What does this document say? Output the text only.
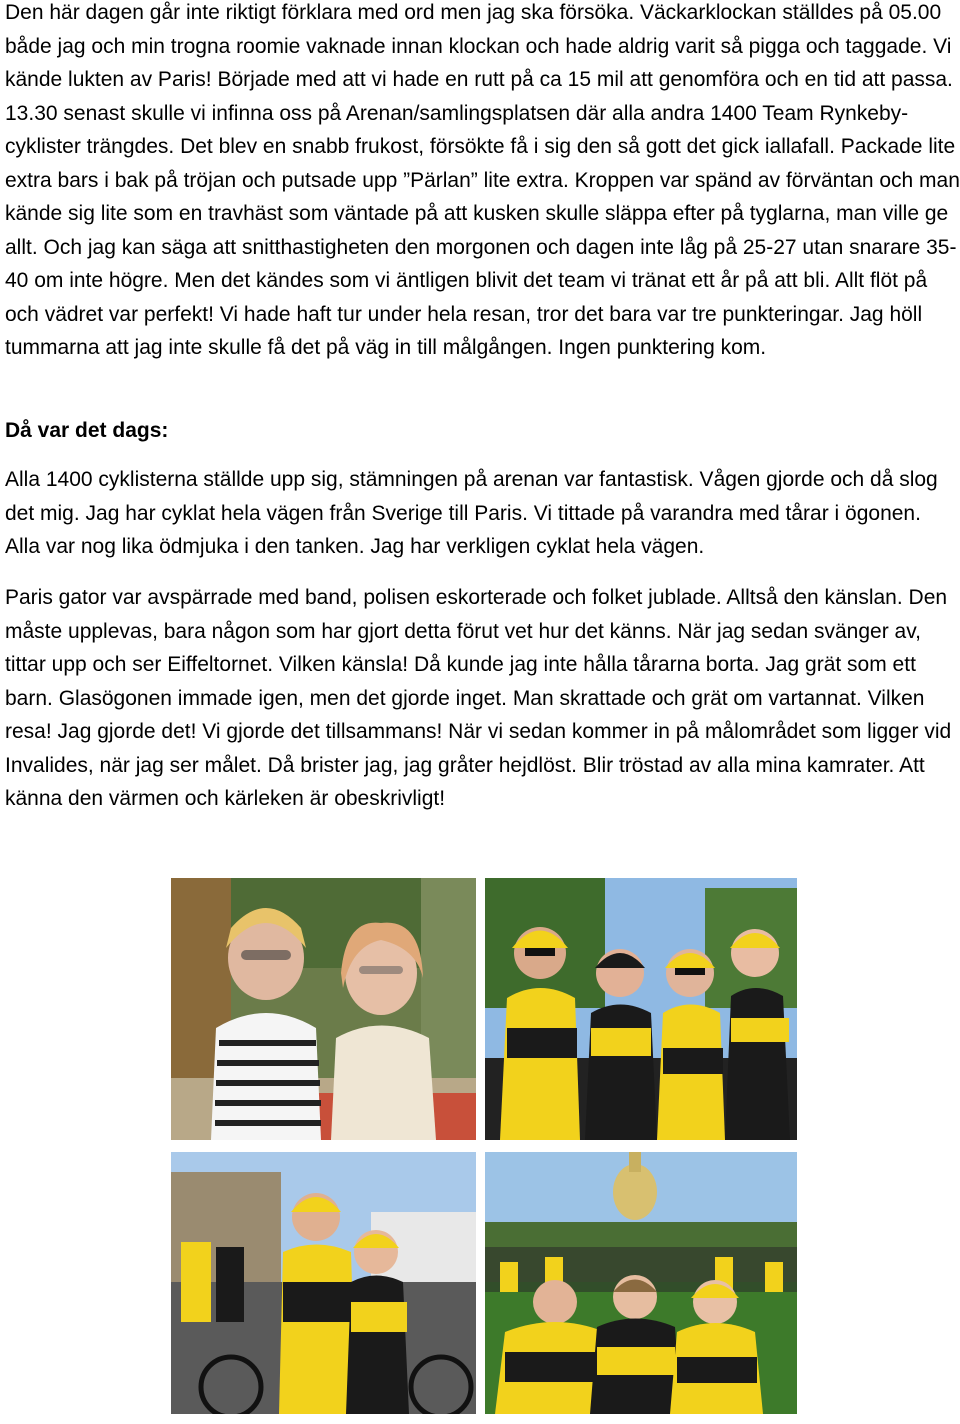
Den här dagen går inte riktigt förklara med ord men jag ska försöka. Väckarklockan ställdes på 05.00 både jag och min trogna roomie vaknade innan klockan och hade aldrig varit så pigga och taggade. Vi kände lukten av Paris! Började med att vi hade en rutt på ca 15 mil att genomföra och en tid att passa. 13.30 senast skulle vi infinna oss på Arenan/samlingsplatsen där alla andra 1400 Team Rynkeby-cyklister trängdes. Det blev en snabb frukost, försökte få i sig den så gott det gick iallafall. Packade lite extra bars i bak på tröjan och putsade upp ”Pärlan” lite extra. Kroppen var spänd av förväntan och man kände sig lite som en travhäst som väntade på att kusken skulle släppa efter på tyglarna, man ville ge allt. Och jag kan säga att snitthastigheten den morgonen och dagen inte låg på 25-27 utan snarare 35-40 om inte högre. Men det kändes som vi äntligen blivit det team vi tränat ett år på att bli. Allt flöt på och vädret var perfekt! Vi hade haft tur under hela resan, tror det bara var tre punkteringar. Jag höll tummarna att jag inte skulle få det på väg in till målgången. Ingen punktering kom.

Då var det dags:

Alla 1400 cyklisterna ställde upp sig, stämningen på arenan var fantastisk. Vågen gjorde och då slog det mig. Jag har cyklat hela vägen från Sverige till Paris. Vi tittade på varandra med tårar i ögonen. Alla var nog lika ödmjuka i den tanken. Jag har verkligen cyklat hela vägen.

Paris gator var avspärrade med band, polisen eskorterade och folket jublade. Alltså den känslan. Den måste upplevas, bara någon som har gjort detta förut vet hur det känns. När jag sedan svänger av, tittar upp och ser Eiffeltornet. Vilken känsla! Då kunde jag inte hålla tårarna borta. Jag grät som ett barn. Glasögonen immade igen, men det gjorde inget. Man skrattade och grät om vartannat. Vilken resa! Jag gjorde det! Vi gjorde det tillsammans! När vi sedan kommer in på målområdet som ligger vid Invalides, när jag ser målet. Då brister jag, jag gråter hejdlöst. Blir tröstad av alla mina kamrater. Att känna den värmen och kärleken är obeskrivligt!
